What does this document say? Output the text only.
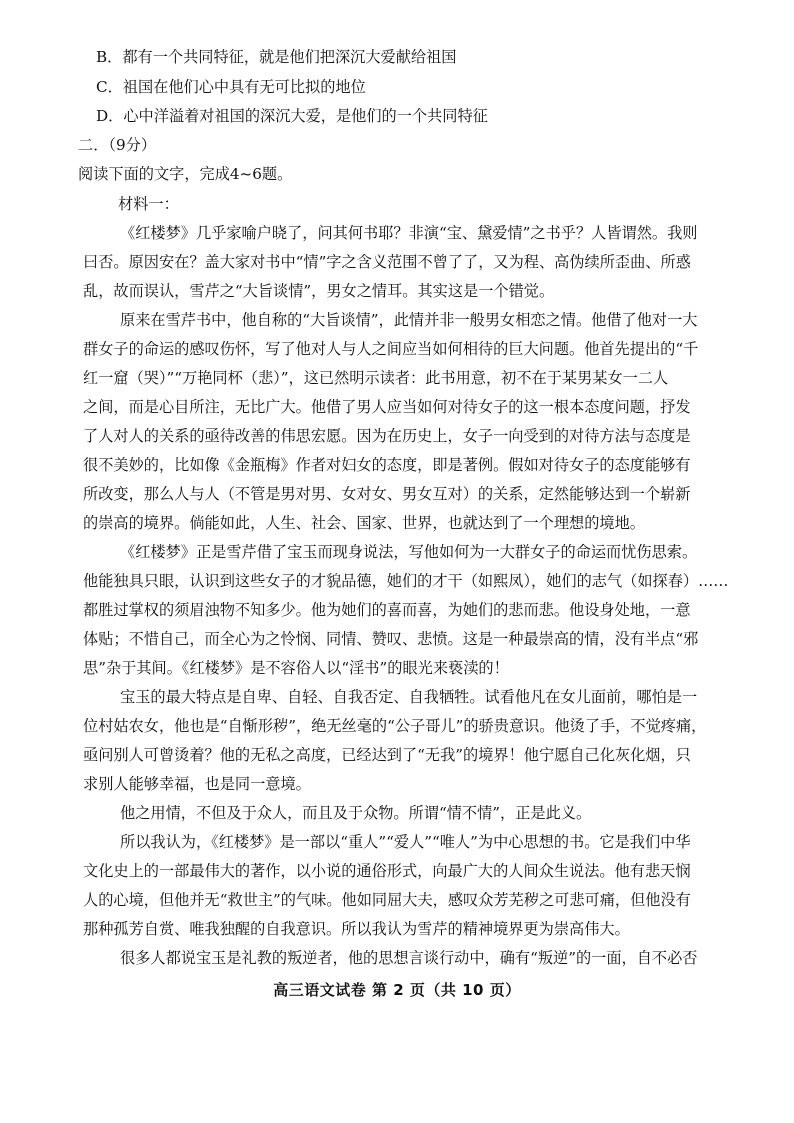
B．都有一个共同特征，就是他们把深沉大爱献给祖国
C．祖国在他们心中具有无可比拟的地位
D．心中洋溢着对祖国的深沉大爱，是他们的一个共同特征
二．（9分）
阅读下面的文字，完成4~6题。
材料一：
《红楼梦》几乎家喻户晓了，问其何书耶？非演“宝、黛爱情”之书乎？人皆谓然。我则
曰否。原因安在？盖大家对书中“情”字之含义范围不曾了了，又为程、高伪续所歪曲、所惑
乱，故而误认，雪芹之“大旨谈情”，男女之情耳。其实这是一个错觉。
原来在雪芹书中，他自称的“大旨谈情”，此情并非一般男女相恋之情。他借了他对一大
群女子的命运的感叹伤怀，写了他对人与人之间应当如何相待的巨大问题。他首先提出的“千
红一窟（哭）”“万艳同杯（悲）”，这已然明示读者：此书用意，初不在于某男某女一二人
之间，而是心目所注，无比广大。他借了男人应当如何对待女子的这一根本态度问题，抒发
了人对人的关系的亟待改善的伟思宏愿。因为在历史上，女子一向受到的对待方法与态度是
很不美妙的，比如像《金瓶梅》作者对妇女的态度，即是著例。假如对待女子的态度能够有
所改变，那么人与人（不管是男对男、女对女、男女互对）的关系，定然能够达到一个崭新
的崇高的境界。倘能如此，人生、社会、国家、世界，也就达到了一个理想的境地。
《红楼梦》正是雪芹借了宝玉而现身说法，写他如何为一大群女子的命运而忧伤思索。
他能独具只眼，认识到这些女子的才貌品德，她们的才干（如熙凤），她们的志气（如探春）……
都胜过掌权的须眉浊物不知多少。他为她们的喜而喜，为她们的悲而悲。他设身处地，一意
体贴；不惜自己，而全心为之怜悯、同情、赞叹、悲愤。这是一种最崇高的情，没有半点“邪
思”杂于其间。《红楼梦》是不容俗人以“淫书”的眼光来亵渎的！
宝玉的最大特点是自卑、自轻、自我否定、自我牺牲。试看他凡在女儿面前，哪怕是一
位村姑农女，他也是“自惭形秽”，绝无丝毫的“公子哥儿”的骄贵意识。他烫了手，不觉疼痛，
亟问别人可曾烫着？他的无私之高度，已经达到了“无我”的境界！他宁愿自己化灰化烟，只
求别人能够幸福，也是同一意境。
他之用情，不但及于众人，而且及于众物。所谓“情不情”，正是此义。
所以我认为，《红楼梦》是一部以“重人”“爱人”“唯人”为中心思想的书。它是我们中华
文化史上的一部最伟大的著作，以小说的通俗形式，向最广大的人间众生说法。他有悲天悯
人的心境，但他并无“救世主”的气味。他如同屈大夫，感叹众芳芜秽之可悲可痛，但他没有
那种孤芳自赏、唯我独醒的自我意识。所以我认为雪芹的精神境界更为崇高伟大。
很多人都说宝玉是礼教的叛逆者，他的思想言谈行动中，确有“叛逆”的一面，自不必否
高三语文试卷 第 2 页（共 10 页）
